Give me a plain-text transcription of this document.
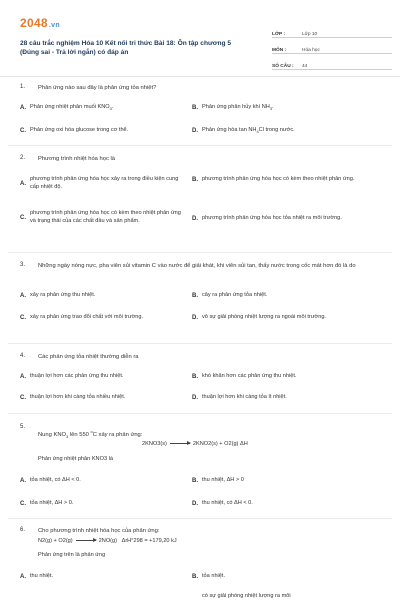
2048.vn
28 câu trắc nghiệm Hóa 10 Kết nối tri thức Bài 18: Ôn tập chương 5 (Đúng sai - Trả lời ngắn) có đáp án
LỚP :	Lớp 10
MÔN :	Hóa học
SỐ CÂU :	44
1. Phản ứng nào sau đây là phản ứng tỏa nhiệt?
A. Phản ứng nhiệt phân muối $KNO_3$.	B. Phản ứng phân hủy khí $NH_3$.
C. Phản ứng oxi hóa glucose trong cơ thể.	D. Phản ứng hòa $\tan NH_4Cl$ trong nước.
2. Phương trình nhiệt hóa học là
A.
phương trình phản ứng hóa học xảy ra trong điều kiện cung cấp nhiệt độ.
B. phương trình phản ứng hóa học có kèm theo nhiệt phản ứng.
C.
phương trình phản ứng hóa học có kèm theo nhiệt phản ứng và trạng thái của các chất đầu và sản phẩm.	D. phương trình phản ứng hóa học tỏa nhiệt ra môi trường.
3. Những ngày nóng nực, pha viên sủi vitamin C vào nước để giải khát, khi viên sủi tan, thấy nước trong cốc mát hơn đó là do
A. xảy ra phản ứng thu nhiệt.	B. cây ra phản ứng tỏa nhiệt.
C. xảy ra phản ứng trao đổi chất với môi trường.	D. vô sự giải phóng nhiệt lượng ra ngoài môi trường.
4. Các phản ứng tỏa nhiệt thường diễn ra
A. thuận lợi hơn các phản ứng thu nhiệt.	B. khó khăn hơn các phản ứng thu nhiệt.
C. thuận lợi hơn khi càng tỏa nhiều nhiệt.	D. thuận lợi hơn khi càng tỏa ít nhiệt.
5.
Nung $KNO_3$ lên 550 $^o$C xảy ra phản ứng:
2KNO3(s) → 2KNO2(s) + O2(g) ΔH
Phản ứng nhiệt phân KNO3 là
A. tỏa nhiệt, có ΔH < 0.	B. thu nhiệt, ΔH > 0
C. tỏa nhiệt, ΔH > 0.	D. thu nhiệt, có ΔH < 0.
6. Cho phương trình nhiệt hóa học của phản ứng:
N2(g) + O2(g) → 2NO(g) ΔrH°298 = +179,20 kJ
Phản ứng trên là phản ứng
A. thu nhiệt.	B. tỏa nhiệt.
có sự giải phóng nhiệt lượng ra môi
